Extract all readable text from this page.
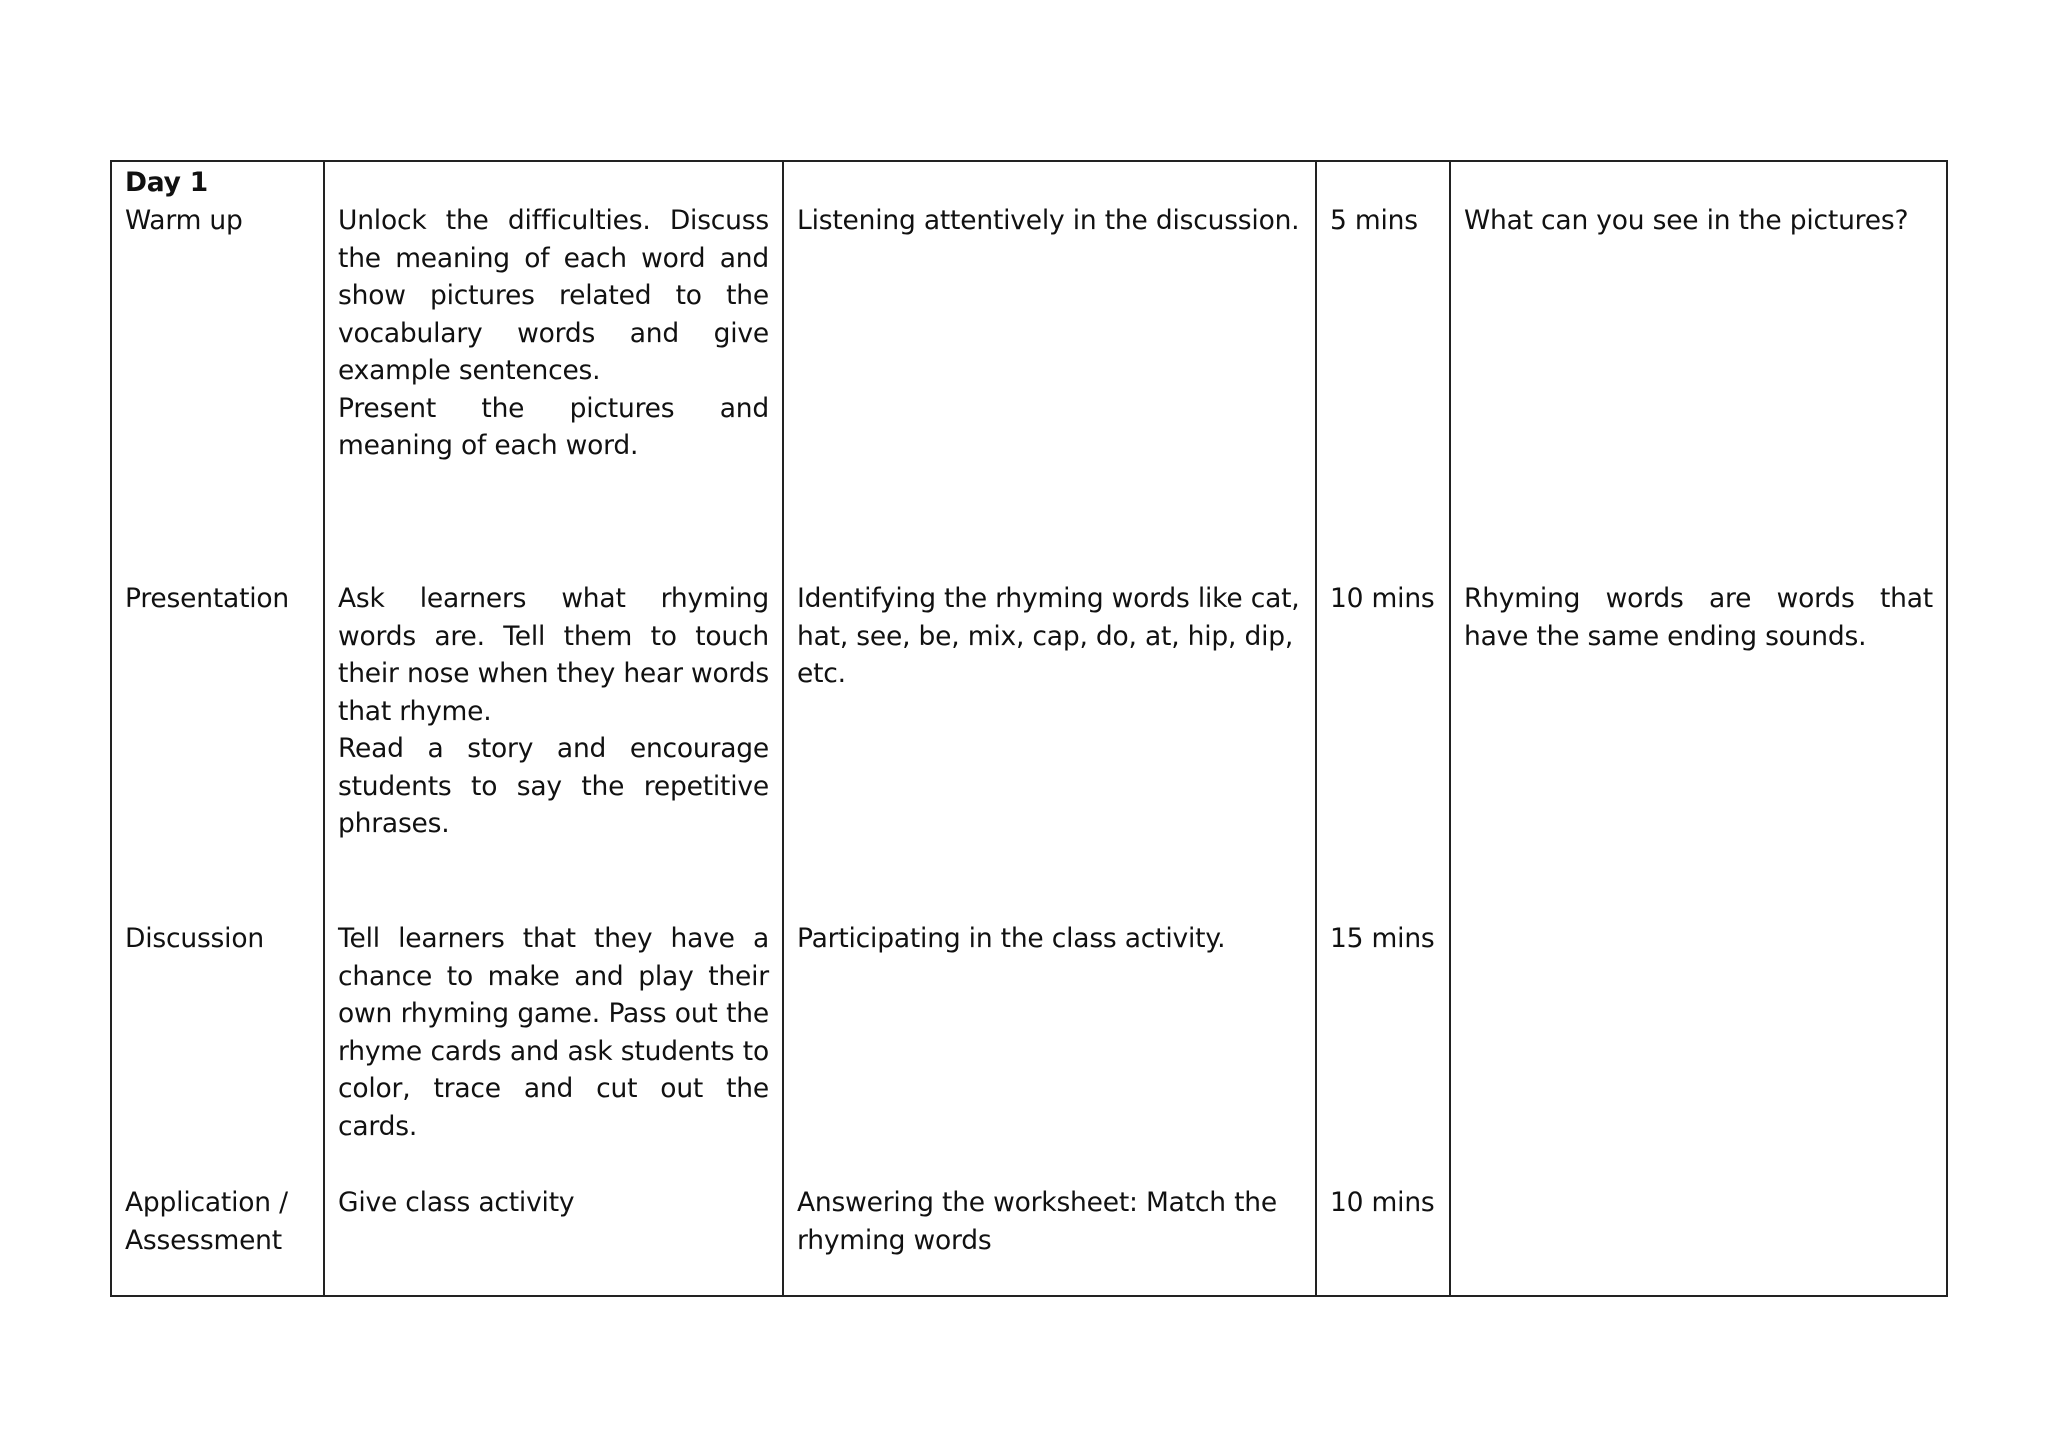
Day 1
Warm up
Presentation
Discussion
Application / Assessment

Unlock the difficulties. Discuss the meaning of each word and show pictures related to the vocabulary words and give example sentences.

Present the pictures and meaning of each word.

Ask learners what rhyming words are. Tell them to touch their nose when they hear words that rhyme.

Read a story and encourage students to say the repetitive phrases.

Tell learners that they have a chance to make and play their own rhyming game. Pass out the rhyme cards and ask students to color, trace and cut out the cards.

Give class activity

Listening attentively in the discussion.
Identifying the rhyming words like cat, hat, see, be, mix, cap, do, at, hip, dip, etc.
Participating in the class activity.
Answering the worksheet: Match the rhyming words
5 mins
10 mins
15 mins
10 mins
What can you see in the pictures?
Rhyming words are words that have the same ending sounds.
